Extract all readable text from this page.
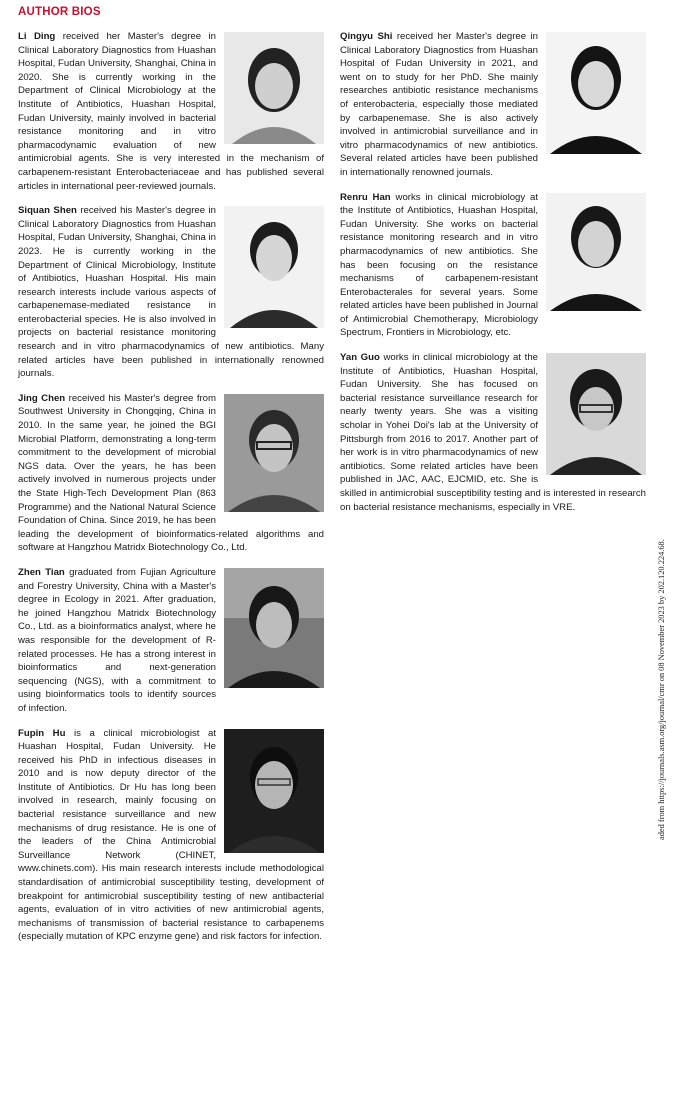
AUTHOR BIOS

Li Ding received her Master's degree in Clinical Laboratory Diagnostics from Huashan Hospital, Fudan University, Shanghai, China in 2020. She is currently working in the Department of Clinical Microbiology at the Institute of Antibiotics, Huashan Hospital, Fudan University, mainly involved in bacterial resistance monitoring and in vitro pharmacodynamic evaluation of new antimicrobial agents. She is very interested in the mechanism of carbapenem-resistant Enterobacteriaceae and has published several articles in international peer-reviewed journals.

Siquan Shen received his Master's degree in Clinical Laboratory Diagnostics from Huashan Hospital, Fudan University, Shanghai, China in 2023. He is currently working in the Department of Clinical Microbiology, Institute of Antibiotics, Huashan Hospital. His main research interests include various aspects of carbapenemase-mediated resistance in enterobacterial species. He is also involved in projects on bacterial resistance monitoring research and in vitro pharmacodynamics of new antibiotics. Many related articles have been published in internationally renowned journals.

Jing Chen received his Master's degree from Southwest University in Chongqing, China in 2010. In the same year, he joined the BGI Microbial Platform, demonstrating a long-term commitment to the development of microbial NGS data. Over the years, he has been actively involved in numerous projects under the State High-Tech Development Plan (863 Programme) and the National Natural Science Foundation of China. Since 2019, he has been leading the development of bioinformatics-related algorithms and software at Hangzhou Matridx Biotechnology Co., Ltd.

Zhen Tian graduated from Fujian Agriculture and Forestry University, China with a Master's degree in Ecology in 2021. After graduation, he joined Hangzhou Matridx Biotechnology Co., Ltd. as a bioinformatics analyst, where he was responsible for the development of R-related processes. He has a strong interest in bioinformatics and next-generation sequencing (NGS), with a commitment to using bioinformatics tools to identify sources of infection.

Fupin Hu is a clinical microbiologist at Huashan Hospital, Fudan University. He received his PhD in infectious diseases in 2010 and is now deputy director of the Institute of Antibiotics. Dr Hu has long been involved in research, mainly focusing on bacterial resistance surveillance and new mechanisms of drug resistance. He is one of the leaders of the China Antimicrobial Surveillance Network (CHINET, www.chinets.com). His main research interests include methodological standardisation of antimicrobial susceptibility testing, development of breakpoint for antimicrobial susceptibility testing of new antibacterial agents, evaluation of in vitro activities of new antimicrobial agents, mechanisms of transmission of bacterial resistance to carbapenems (especially mutation of KPC enzyme gene) and risk factors for infection.

Qingyu Shi received her Master's degree in Clinical Laboratory Diagnostics from Huashan Hospital of Fudan University in 2021, and went on to study for her PhD. She mainly researches antibiotic resistance mechanisms of enterobacteria, especially those mediated by carbapenemase. She is also actively involved in antimicrobial surveillance and in vitro pharmacodynamics of new antibiotics. Several related articles have been published in internationally renowned journals.

Renru Han works in clinical microbiology at the Institute of Antibiotics, Huashan Hospital, Fudan University. She works on bacterial resistance monitoring research and in vitro pharmacodynamics of new antibiotics. She has been focusing on the resistance mechanisms of carbapenem-resistant Enterobacterales for several years. Some related articles have been published in Journal of Antimicrobial Chemotherapy, Microbiology Spectrum, Frontiers in Microbiology, etc.

Yan Guo works in clinical microbiology at the Institute of Antibiotics, Huashan Hospital, Fudan University. She has focused on bacterial resistance surveillance research for nearly twenty years. She was a visiting scholar in Yohei Doi's lab at the University of Pittsburgh from 2016 to 2017. Another part of her work is in vitro pharmacodynamics of new antibiotics. Some related articles have been published in JAC, AAC, EJCMID, etc. She is skilled in antimicrobial susceptibility testing and is interested in research on bacterial resistance mechanisms, especially in VRE.

aded from https://journals.asm.org/journal/cmr on 08 November 2023 by 202.120.224.68.
